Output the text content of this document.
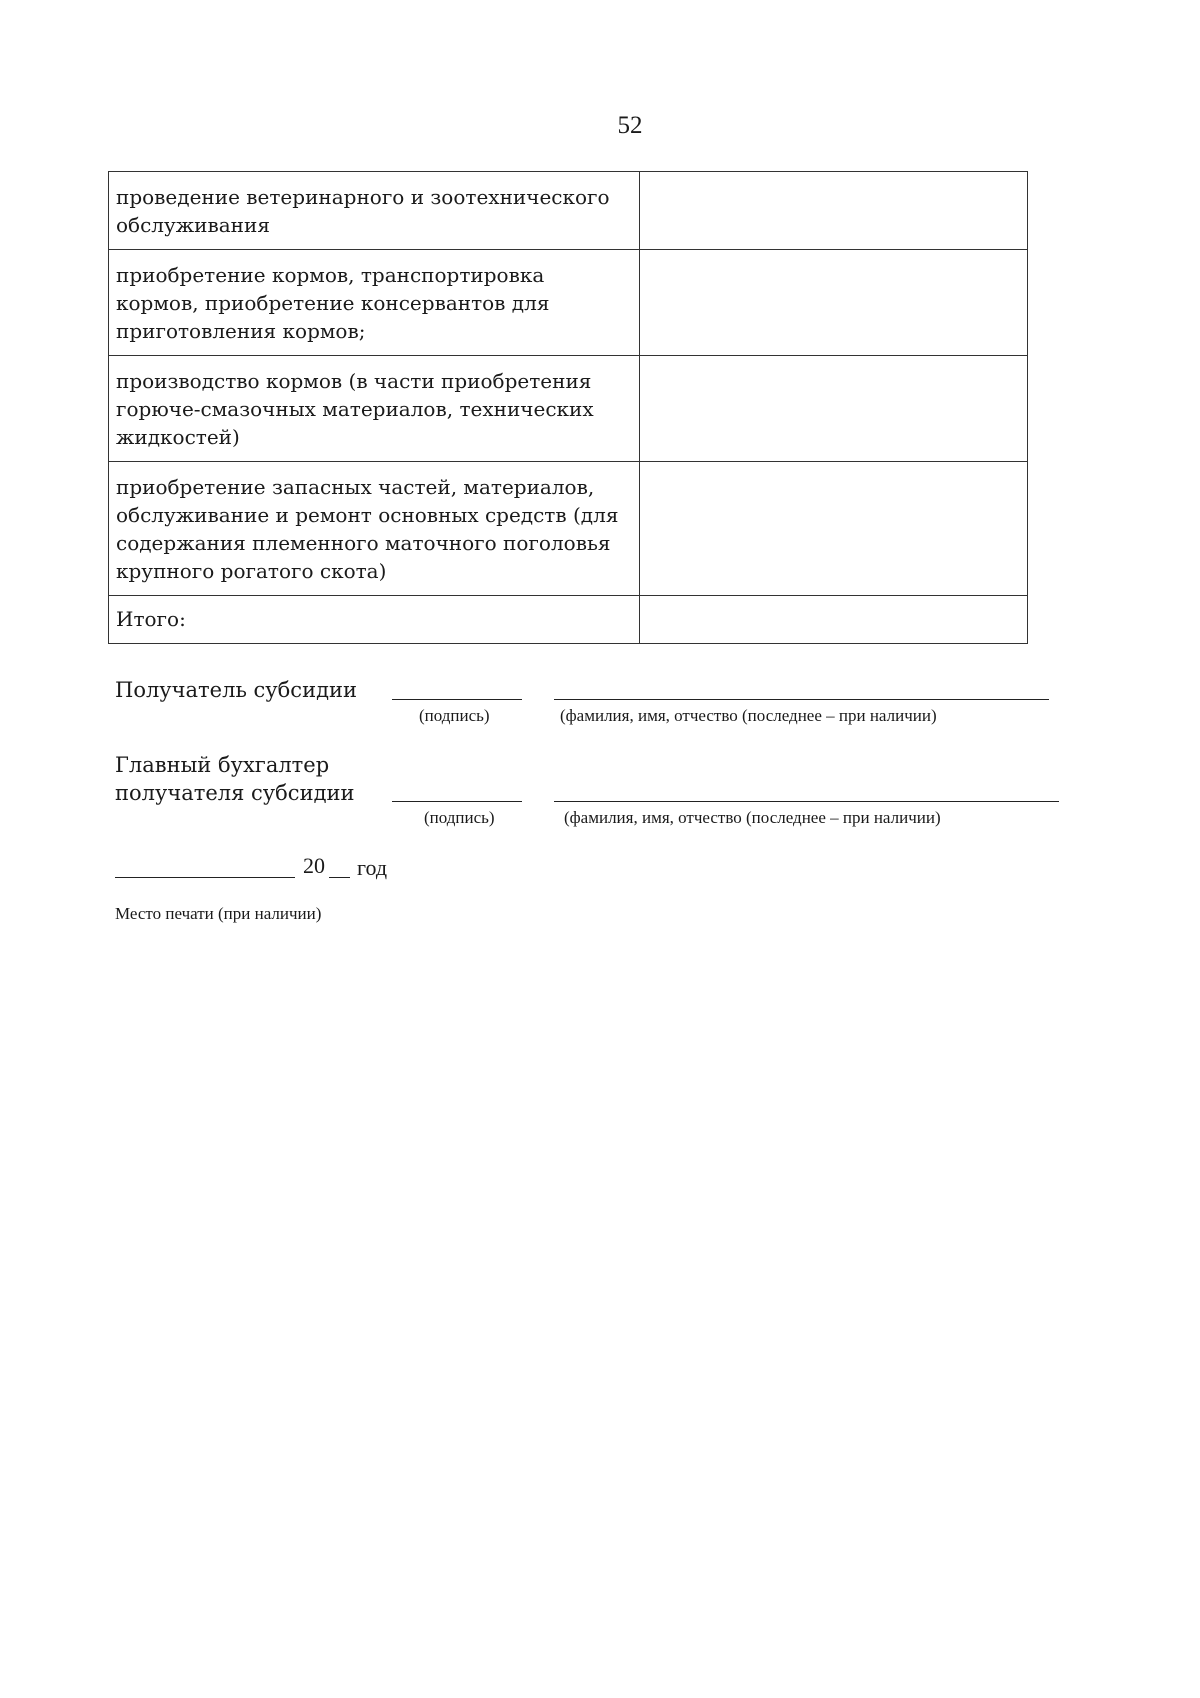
52
проведение ветеринарного и зоотехнического обслуживания	
приобретение кормов, транспортировка кормов, приобретение консервантов для приготовления кормов;	
производство кормов (в части приобретения горюче-смазочных материалов, технических жидкостей)	
приобретение запасных частей, материалов, обслуживание и ремонт основных средств (для содержания племенного маточного поголовья крупного рогатого скота)	
Итого:	
Получатель субсидии
(подпись)	(фамилия, имя, отчество (последнее – при наличии)
Главный бухгалтер
получателя субсидии
(подпись)	(фамилия, имя, отчество (последнее – при наличии)
20 год
Место печати (при наличии)
